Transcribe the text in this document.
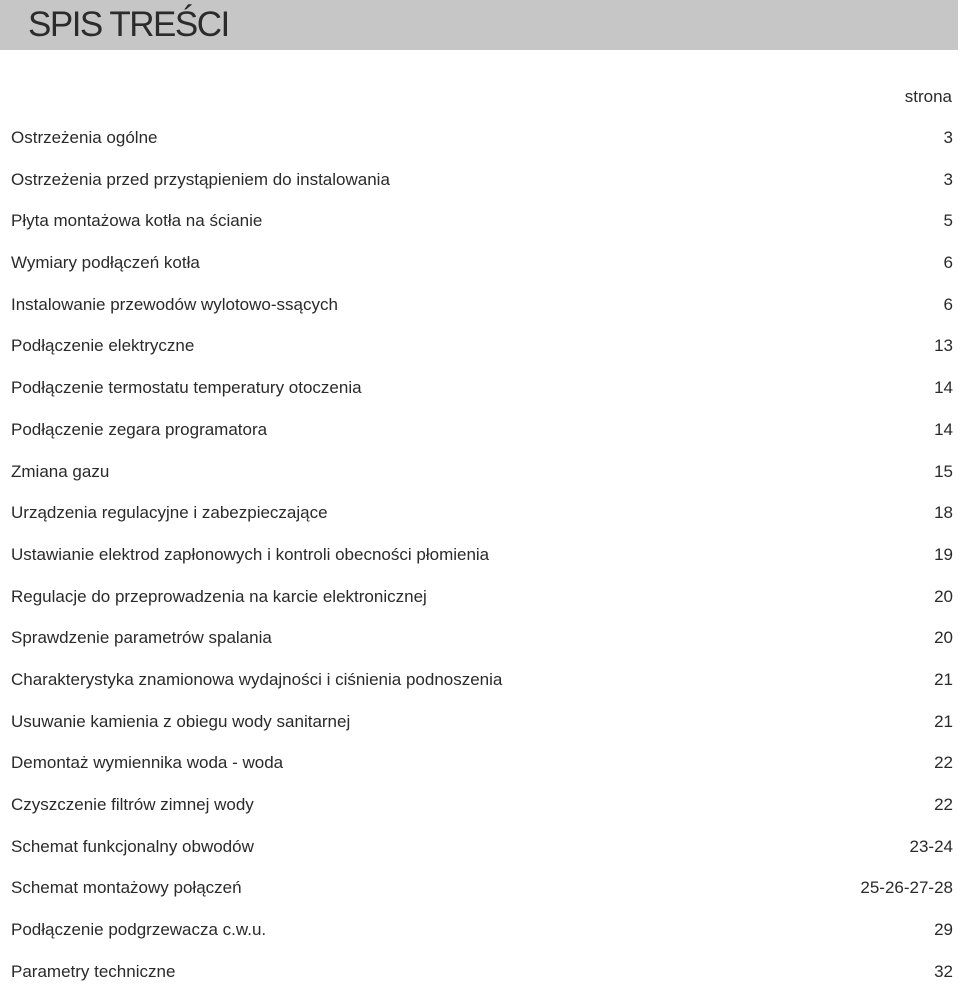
SPIS TREŚCI
strona
Ostrzeżenia ogólne	3
Ostrzeżenia przed przystąpieniem do instalowania	3
Płyta montażowa kotła na ścianie	5
Wymiary podłączeń kotła	6
Instalowanie przewodów wylotowo-ssących	6
Podłączenie elektryczne	13
Podłączenie termostatu temperatury otoczenia	14
Podłączenie zegara programatora	14
Zmiana gazu	15
Urządzenia regulacyjne i zabezpieczające	18
Ustawianie elektrod zapłonowych i kontroli obecności płomienia	19
Regulacje do przeprowadzenia na karcie elektronicznej	20
Sprawdzenie parametrów spalania	20
Charakterystyka znamionowa wydajności i ciśnienia podnoszenia	21
Usuwanie kamienia z obiegu wody sanitarnej	21
Demontaż wymiennika woda - woda	22
Czyszczenie filtrów zimnej wody	22
Schemat funkcjonalny obwodów	23-24
Schemat montażowy połączeń	25-26-27-28
Podłączenie podgrzewacza c.w.u.	29
Parametry techniczne	32
